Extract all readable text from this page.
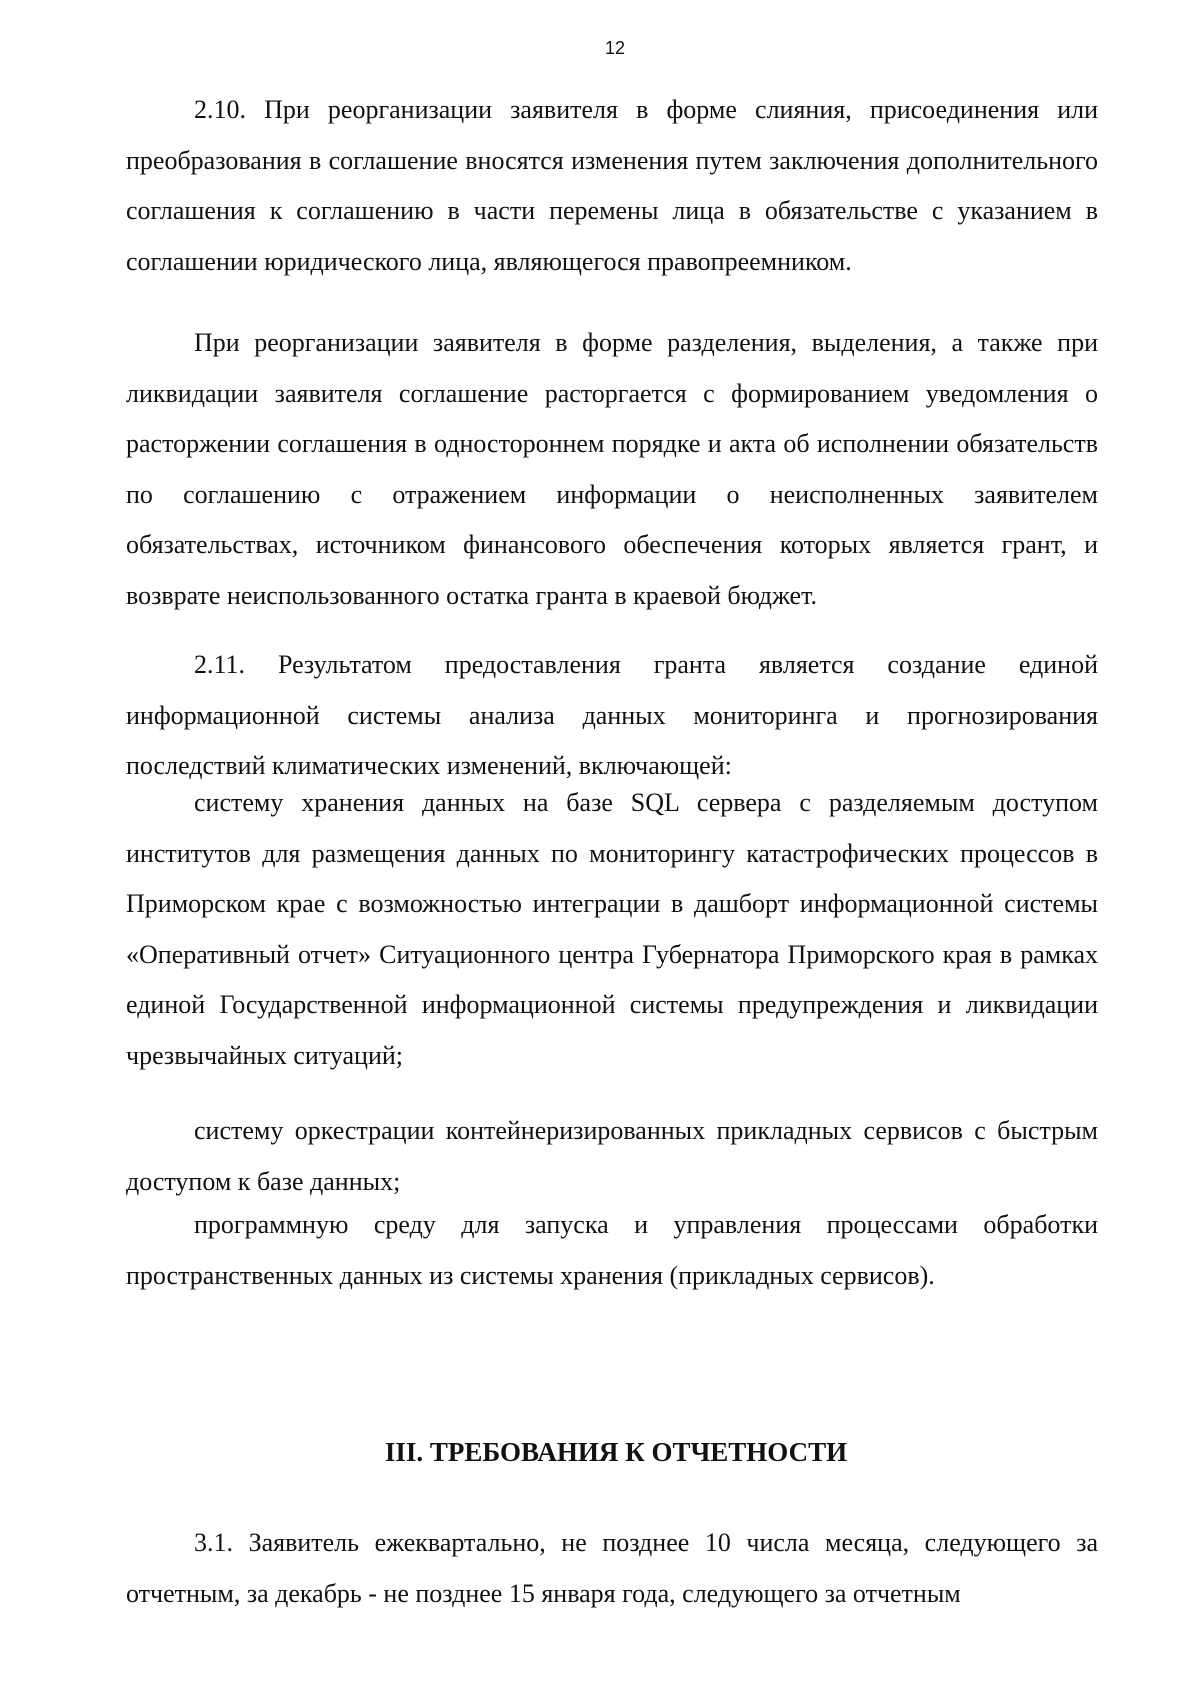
12

2.10. При реорганизации заявителя в форме слияния, присоединения или преобразования в соглашение вносятся изменения путем заключения дополнительного соглашения к соглашению в части перемены лица в обязательстве с указанием в соглашении юридического лица, являющегося правопреемником.

При реорганизации заявителя в форме разделения, выделения, а также при ликвидации заявителя соглашение расторгается с формированием уведомления о расторжении соглашения в одностороннем порядке и акта об исполнении обязательств по соглашению с отражением информации о неисполненных заявителем обязательствах, источником финансового обеспечения которых является грант, и возврате неиспользованного остатка гранта в краевой бюджет.

2.11. Результатом предоставления гранта является создание единой информационной системы анализа данных мониторинга и прогнозирования последствий климатических изменений, включающей:

систему хранения данных на базе SQL сервера с разделяемым доступом институтов для размещения данных по мониторингу катастрофических процессов в Приморском крае с возможностью интеграции в дашборт информационной системы «Оперативный отчет» Ситуационного центра Губернатора Приморского края в рамках единой Государственной информационной системы предупреждения и ликвидации чрезвычайных ситуаций;

систему оркестрации контейнеризированных прикладных сервисов с быстрым доступом к базе данных;

программную среду для запуска и управления процессами обработки пространственных данных из системы хранения (прикладных сервисов).

III. ТРЕБОВАНИЯ К ОТЧЕТНОСТИ

3.1. Заявитель ежеквартально, не позднее 10 числа месяца, следующего за отчетным, за декабрь - не позднее 15 января года, следующего за отчетным
